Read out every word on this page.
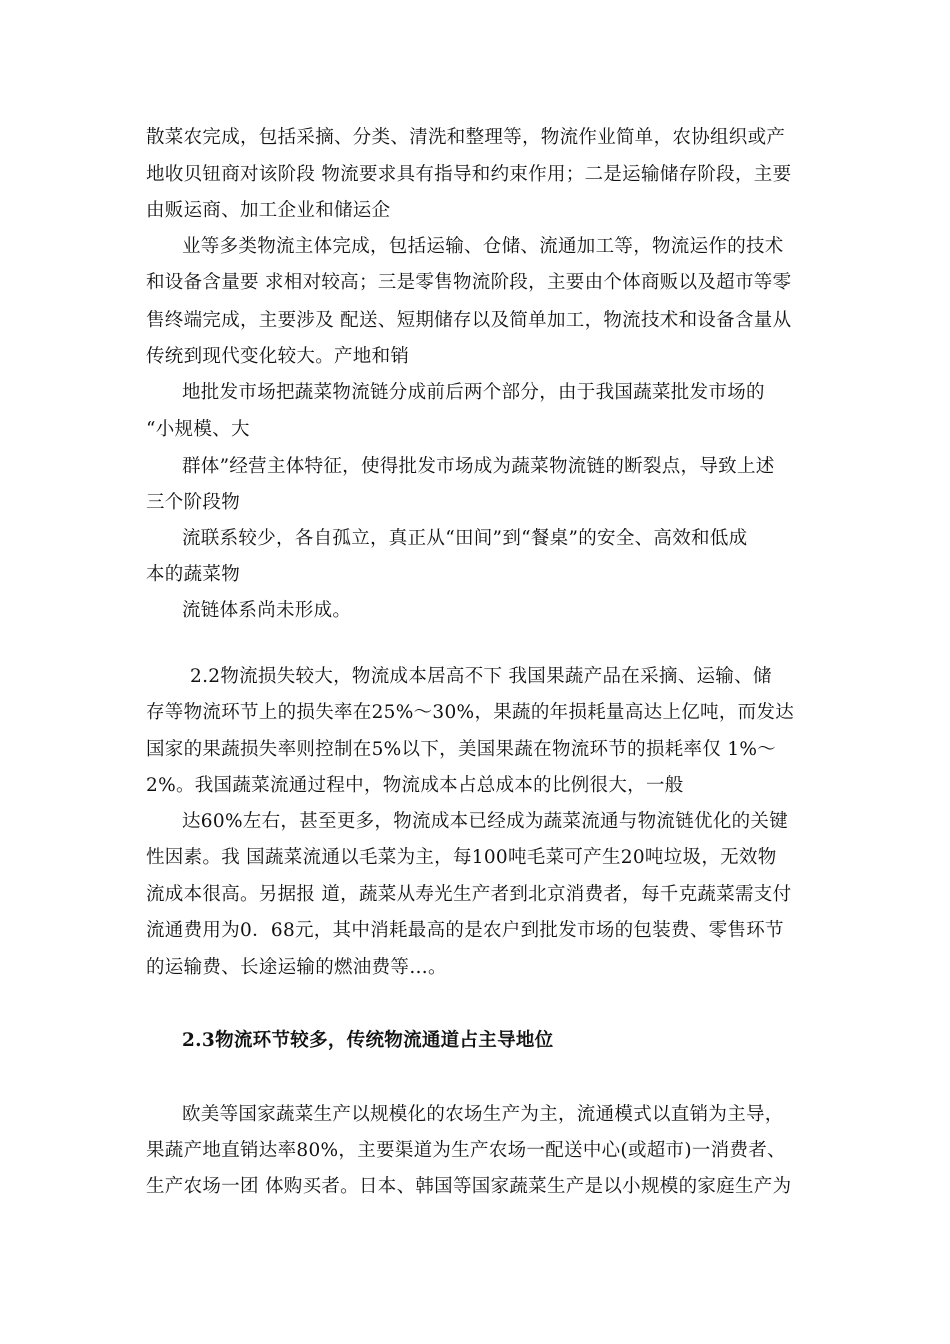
散菜农完成，包括采摘、分类、清洗和整理等，物流作业简单，农协组织或产
地收贝钮商对该阶段 物流要求具有指导和约束作用；二是运输储存阶段，主要
由贩运商、加工企业和储运企
业等多类物流主体完成，包括运输、仓储、流通加工等，物流运作的技术
和设备含量要 求相对较高；三是零售物流阶段，主要由个体商贩以及超市等零
售终端完成，主要涉及 配送、短期储存以及简单加工，物流技术和设备含量从
传统到现代变化较大。产地和销
地批发市场把蔬菜物流链分成前后两个部分，由于我国蔬菜批发市场的
“小规模、大
群体”经营主体特征，使得批发市场成为蔬菜物流链的断裂点，导致上述
三个阶段物
流联系较少，各自孤立，真正从“田间”到“餐桌”的安全、高效和低成
本的蔬菜物
流链体系尚未形成。
2.2物流损失较大，物流成本居高不下 我国果蔬产品在采摘、运输、储
存等物流环节上的损失率在25%～30%，果蔬的年损耗量高达上亿吨，而发达
国家的果蔬损失率则控制在5%以下，美国果蔬在物流环节的损耗率仅 1%～
2%。我国蔬菜流通过程中，物流成本占总成本的比例很大，一般
达60%左右，甚至更多，物流成本已经成为蔬菜流通与物流链优化的关键
性因素。我 国蔬菜流通以毛菜为主，每100吨毛菜可产生20吨垃圾，无效物
流成本很高。另据报 道，蔬菜从寿光生产者到北京消费者，每千克蔬菜需支付
流通费用为0．68元，其中消耗最高的是农户到批发市场的包装费、零售环节
的运输费、长途运输的燃油费等…。
2.3物流环节较多，传统物流通道占主导地位
欧美等国家蔬菜生产以规模化的农场生产为主，流通模式以直销为主导，
果蔬产地直销达率80%，主要渠道为生产农场一配送中心(或超市)一消费者、
生产农场一团 体购买者。日本、韩国等国家蔬菜生产是以小规模的家庭生产为
